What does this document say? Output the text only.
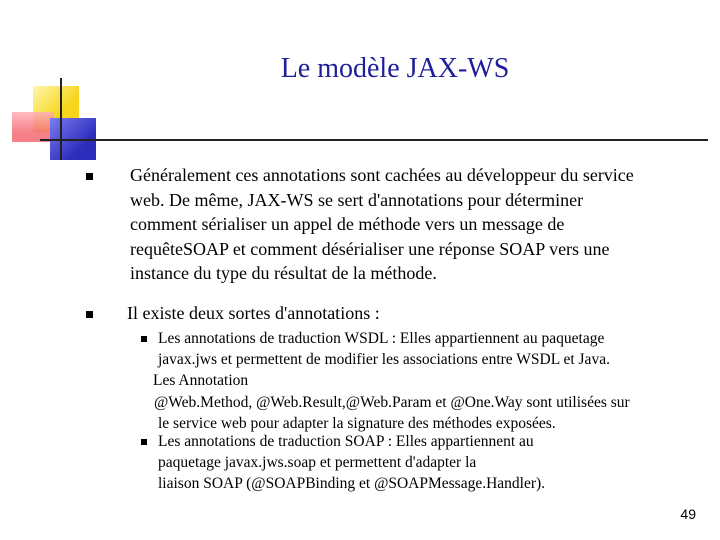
Le modèle JAX-WS
Généralement ces annotations sont cachées au développeur du service
web. De même, JAX-WS se sert d'annotations pour déterminer
comment sérialiser un appel de méthode vers un message de
requêteSOAP et comment désérialiser une réponse SOAP vers une
instance du type du résultat de la méthode.
Il existe deux sortes d'annotations :
Les annotations de traduction WSDL : Elles appartiennent au paquetage
javax.jws et permettent de modifier les associations entre WSDL et Java.
Les Annotation
@Web.Method, @Web.Result,@Web.Param et @One.Way sont utilisées sur
le service web pour adapter la signature des méthodes exposées.
Les annotations de traduction SOAP : Elles appartiennent au
paquetage javax.jws.soap et permettent d'adapter la
liaison SOAP (@SOAPBinding et @SOAPMessage.Handler).
49
